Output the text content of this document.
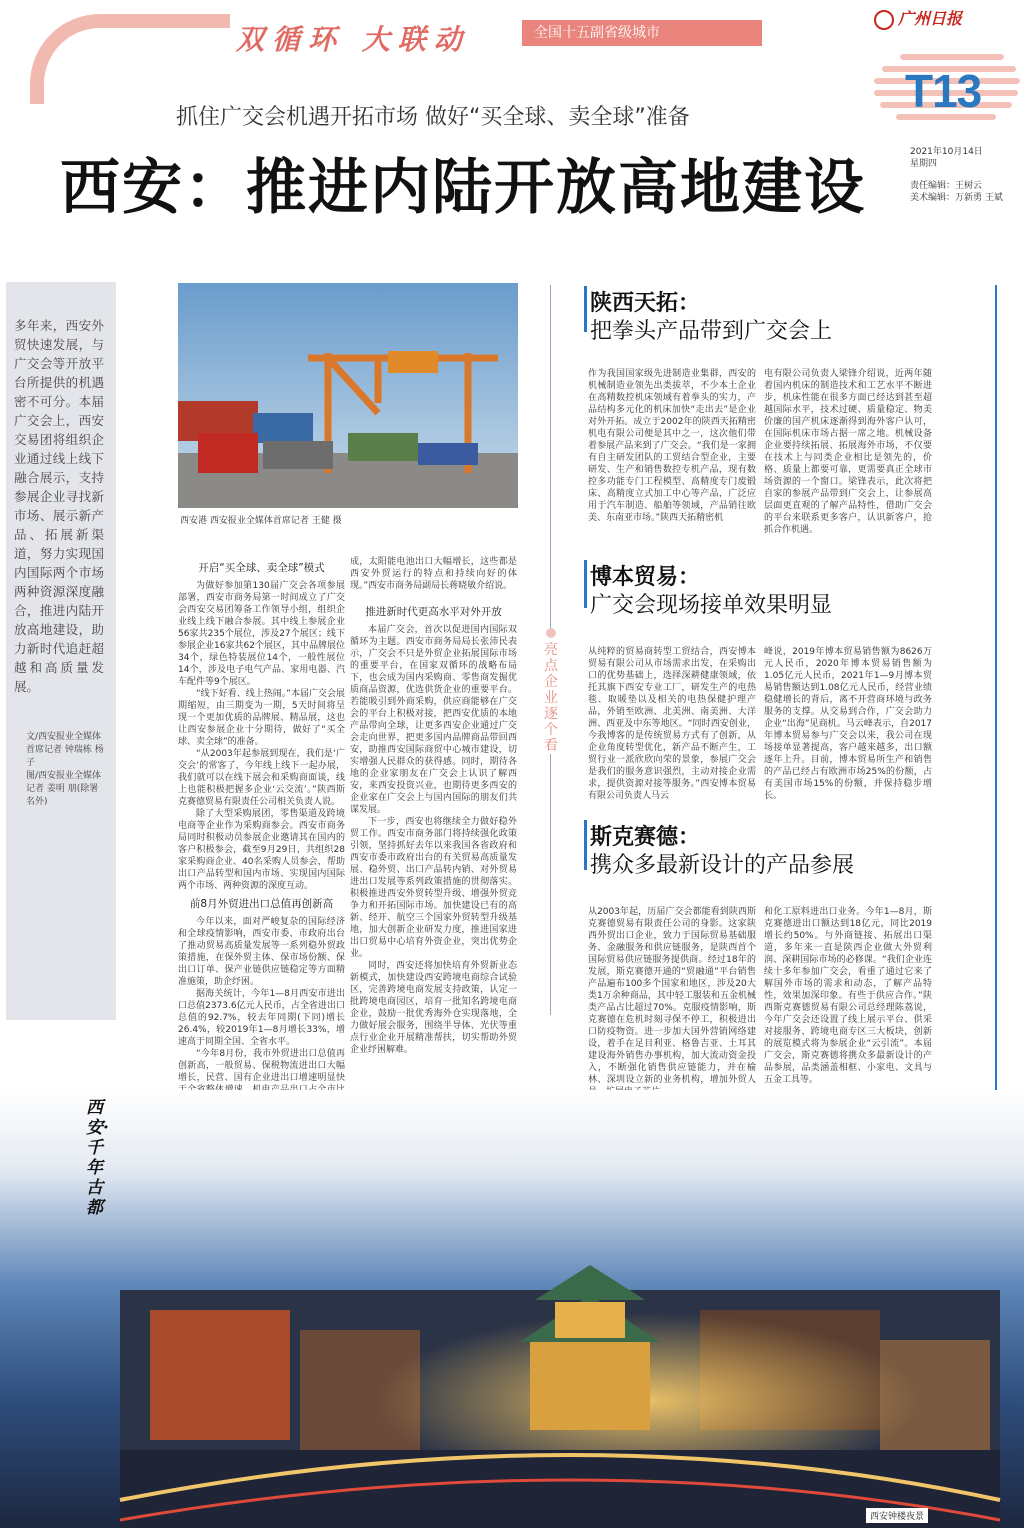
双循环 大联动	全国十五副省级城市
广州日报
T13
抓住广交会机遇开拓市场 做好“买全球、卖全球”准备
西安：推进内陆开放高地建设
2021年10月14日
星期四
责任编辑：王树云
美术编辑：万新勇 王斌
多年来，西安外贸快速发展，与广交会等开放平台所提供的机遇密不可分。本届广交会上，西安交易团将组织企业通过线上线下融合展示，支持参展企业寻找新市场、展示新产品、拓展新渠道，努力实现国内国际两个市场两种资源深度融合，推进内陆开放高地建设，助力新时代追赶超越和高质量发展。
文/西安报业全媒体首席记者 钟瑞栋 杨子
图/西安报业全媒体记者 姜明 朋(除署名外)
西安港 西安报业全媒体首席记者 王健 摄
开启“买全球、卖全球”模式

为做好参加第130届广交会各项参展部署，西安市商务局第一时间成立了广交会西安交易团筹备工作领导小组，组织企业线上线下融合参展。其中线上参展企业56家共235个展位，涉及27个展区；线下参展企业16家共62个展区，其中品牌展位34个，绿色特装展位14个，一般性展位14个，涉及电子电气产品、家用电器、汽车配件等9个展区。

“线下好看、线上热闹。”本届广交会展期缩短，由三期变为一期，5天时间将呈现一个更加优质的品牌展、精品展，这也让西安参展企业十分期待，做好了“买全球、卖全球”的准备。

“从2003年起参展到现在，我们是‘广交会’的常客了，今年线上线下一起办展，我们就可以在线下展会和采购商面谈，线上也能积极把握多企业‘云交流’。”陕西斯克赛德贸易有限责任公司相关负责人说。

除了大型采购展团，零售渠道及跨境电商等企业作为采购商参会。西安市商务局同时积极动员参展企业邀请其在国内的客户积极参会，截至9月29日，共组织28家采购商企业、40名采购人员参会，帮助出口产品转型和国内市场、实现国内国际两个市场、两种资源的深度互动。

前8月外贸进出口总值再创新高

今年以来，面对严峻复杂的国际经济和全球疫情影响，西安市委、市政府出台了推动贸易高质量发展等一系列稳外贸政策措施，在保外贸主体、保市场份额、保出口订单、保产业链供应链稳定等方面精准施策，助企纾困。

据海关统计，今年1—8月西安市进出口总值2373.6亿元人民币，占全省进出口总值的92.7%，较去年同期(下同)增长26.4%，较2019年1—8月增长33%，增速高于同期全国、全省水平。

“今年8月份，我市外贸进出口总值再创新高，一般贸易、保税物流进出口大幅增长，民营、国有企业进出口增速明显快

成，太阳能电池出口大幅增长，这些都是西安外贸运行的特点和持续向好的体现。”西安市商务局副局长蒋晓敏介绍说。

推进新时代更高水平对外开放

本届广交会，首次以促进国内国际双循环为主题。西安市商务局局长张沛民表示，广交会不只是外贸企业拓展国际市场的重要平台，在国家双循环的战略布局下，也会成为国内采购商、零售商发掘优质商品资源，优选供货企业的重要平台。若能吸引到外商采购，供应商能够在广交会的平台上积极对接，把西安优质的本地产品带向全球，让更多西安企业通过广交会走向世界，把更多国内品牌商品带回西安，助推西安国际商贸中心城市建设，切实增强人民群众的获得感。同时，期待各地的企业家朋友在广交会上认识了解西安，来西安投资兴业，也期待更多西安的企业家在广交会上与国内国际的朋友们共谋发展。

下一步，西安也将继续全力做好稳外贸工作。西安市商务部门将持续强化政策引领，坚持抓好去年以来我国各省政府和西安市委市政府出台的有关贸易高质量发展、稳外贸、出口产品转内销、对外贸易进出口发展等系列政策措施的贯彻落实。积极推进西安外贸转型升级、增强外贸竞争力和开拓国际市场。加快建设已有的高新、经开、航空三个国家外贸转型升级基地，加大创新企业研发力度，推进国家进出口贸易中心培育外资企业，突出优势企业。

同时，西安还将加快培育外贸新业态新模式，加快建设西安跨境电商综合试验区，完善跨境电商发展支持政策，认定一批跨境电商园区，培育一批知名跨境电商企业，鼓励一批优秀海外仓实现落地，全力做好展会服务，围绕半导体、光伏等重点行业企业开展精准帮扶，切实帮助外贸企业纾困解难。

亮点企业逐个看
陕西天拓：
把拳头产品带到广交会上
作为我国国家级先进制造业集群，西安的机械制造业领先出类拔萃，不少本土企业在高精数控机床领域有着拳头的实力，产品结构多元化的机床加快“走出去”是企业对外开拓。成立于2002年的陕西天拓精密机电有限公司便是其中之一，这次他们带着参展产品来到了广交会。“我们是一家拥有自主研发团队的工贸结合型企业，主要研发、生产和销售数控专机产品，现有数控多功能专门工程模型、高精度专门废锻床、高精度立式加工中心等产品，广泛应用于汽车制造、船舶等领域，产品销往欧美、东南亚市场。”陕西天拓精密机
电有限公司负责人梁锋介绍说，近两年随着国内机床的制造技术和工艺水平不断进步，机床性能在很多方面已经达到甚至超越国际水平，技术过硬、质量稳定、物美价廉的国产机床逐渐得到海外客户认可，在国际机床市场占据一席之地。机械设备企业要持续拓展、拓展海外市场，不仅要在技术上与同类企业相比是领先的，价格、质量上都要可靠，更需要真正全球市场资源的一个窗口。梁锋表示，此次将把自家的参展产品带到广交会上，让参展高层面更直观的了解产品特性，借助广交会的平台来联系更多客户，认识新客户，抢抓合作机遇。
博本贸易：
广交会现场接单效果明显
从纯粹的贸易商转型工贸结合，西安博本贸易有限公司从市场需求出发，在采购出口的优势基础上，选择深耕健康领域，依托其旗下西安专业工厂，研发生产的电热毯、取暖垫以及相关的电热保健护理产品，外销至欧洲、北美洲、南美洲、大洋洲、西亚及中东等地区。“同时西安创业，今我博客的是传统贸易方式有了创新，从企业角度转型优化，新产品不断产生，工贸行业一派欣欣向荣的景象，参展广交会是我们的服务意识强烈，主动对接企业需求，提供资源对接等服务。”西安博本贸易有限公司负责人马云
峰说，2019年博本贸易销售额为8626万元人民币，2020年博本贸易销售额为1.05亿元人民币，2021年1—9月博本贸易销售额达到1.08亿元人民币，经营业绩稳健增长的背后，离不开营商环境与政务服务的支撑。从交易到合作，广交会助力企业“出海”见商机。马云峰表示，自2017年博本贸易参与广交会以来，我公司在现场接单显著提高，客户越来越多，出口额逐年上升。目前，博本贸易所生产和销售的产品已经占有欧洲市场25%的份额，占有美国市场15%的份额，并保持稳步增长。
斯克赛德：
携众多最新设计的产品参展
从2003年起，历届广交会都能看到陕西斯克赛德贸易有限责任公司的身影。这家陕西外贸出口企业，致力于国际贸易基础服务、金融服务和供应链服务，是陕西首个国际贸易供应链服务提供商。经过18年的发展，斯克赛德开通的“贸融通”平台销售产品遍布100多个国家和地区，涉及20大类1万余种商品，其中轻工服装和五金机械类产品占比超过70%。克服疫情影响，斯克赛德在危机时刻寻保不停工，积极进出口防疫物资。进一步加大国外营销网络建设，着手在足目利亚、格鲁吉亚、土耳其建设海外销售办事机构，加大流动资金投入，不断强化销售供应链能力，并在榆林、深圳设立新的业务机构，增加外贸人
和化工原料进出口业务。今年1—8月，斯克赛德进出口额达到18亿元，同比2019增长约50%。与外商链接、拓展出口渠道，多年来一直是陕西企业做大外贸利润、深耕国际市场的必修课。“我们企业连续十多年参加广交会，看重了通过它来了解国外市场的需求和动态，了解产品特性，效果加深印象。有些于供应合作。”陕西斯克赛德贸易有限公司总经理陈荔说，今年广交会还设置了线上展示平台、供采对接服务、跨境电商专区三大板块，创新的展览模式将为参展企业“云引流”。本届广交会，斯克赛德将携众多最新设计的产品参展，品类涵盖相框、小家电、文具与五金工具等。
西安·千年古都
西安钟楼夜景
